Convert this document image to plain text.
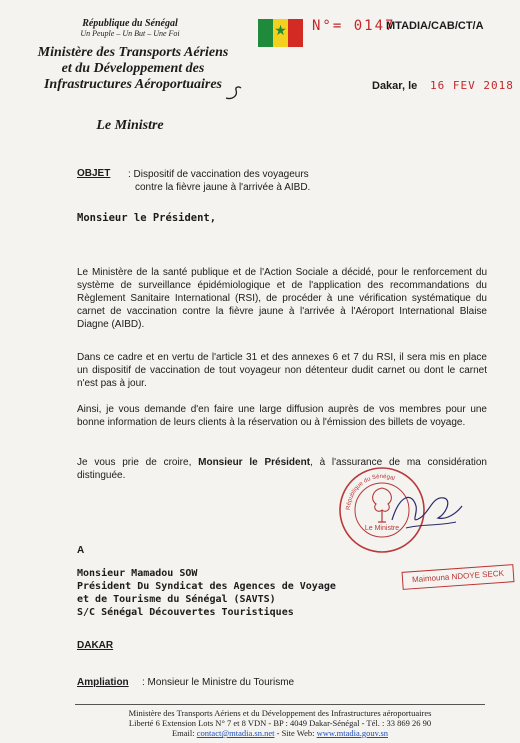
République du Sénégal
Un Peuple – Un But – Une Foi
Ministère des Transports Aériens
et du Développement des
Infrastructures Aéroportuaires
Le Ministre
★ N°= 0147
MTADIA/CAB/CT/A
Dakar, le 16 FEV 2018
OBJET : Dispositif de vaccination des voyageurs
contre la fièvre jaune à l'arrivée à AIBD.
Monsieur le Président,
Le Ministère de la santé publique et de l'Action Sociale a décidé, pour le renforcement du système de surveillance épidémiologique et de l'application des recommandations du Règlement Sanitaire International (RSI), de procéder à une vérification systématique du carnet de vaccination contre la fièvre jaune à l'arrivée à l'Aéroport International Blaise Diagne (AIBD).
Dans ce cadre et en vertu de l'article 31 et des annexes 6 et 7 du RSI, il sera mis en place un dispositif de vaccination de tout voyageur non détenteur dudit carnet ou dont le carnet n'est pas à jour.
Ainsi, je vous demande d'en faire une large diffusion auprès de vos membres pour une bonne information de leurs clients à la réservation ou à l'émission des billets de voyage.
Je vous prie de croire, Monsieur le Président, à l'assurance de ma considération distinguée.
République du Sénégal
Le Ministre
Maimouna NDOYE SECK
A
Monsieur Mamadou SOW
Président Du Syndicat des Agences de Voyage
et de Tourisme du Sénégal (SAVTS)
S/C Sénégal Découvertes Touristiques
DAKAR
Ampliation : Monsieur le Ministre du Tourisme
Ministère des Transports Aériens et du Développement des Infrastructures aéroportuaires
Liberté 6 Extension Lots N° 7 et 8 VDN - BP : 4049 Dakar-Sénégal - Tél. : 33 869 26 90
Email: contact@mtadia.sn.net - Site Web: www.mtadia.gouv.sn
